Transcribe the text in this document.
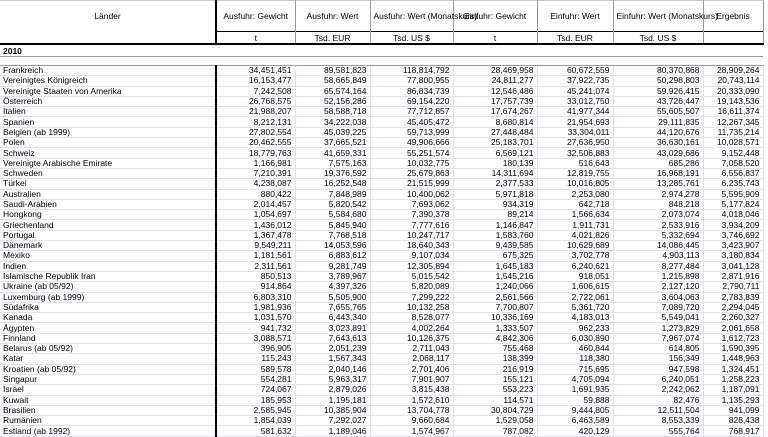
Länder	Ausfuhr: Gewicht	Ausfuhr: Wert	Ausfuhr: Wert (Monatskurs)	Einfuhr: Gewicht	Einfuhr: Wert	Einfuhr: Wert (Monatskurs)	Ergebnis
	t	Tsd. EUR	Tsd. US $	t	Tsd. EUR	Tsd. US $	
2010							

Frankreich	34,451,451	89,581,823	118,814,792	28,469,958	60,672,559	80,370,868	28,909,264
Vereinigtes Königreich	16,153,477	58,665,849	77,800,955	24,811,277	37,922,735	50,298,803	20,743,114
Vereinigte Staaten von Amerika	7,242,508	65,574,164	86,834,739	12,546,486	45,241,074	59,926,415	20,333,090
Österreich	26,768,575	52,156,286	69,154,220	17,757,739	33,012,750	43,726,447	19,143,536
Italien	21,988,207	58,588,718	77,712,857	17,674,267	41,977,344	55,605,507	16,611,374
Spanien	8,212,131	34,222,038	45,405,472	8,680,814	21,954,693	29,111,835	12,267,345
Belgien (ab 1999)	27,802,554	45,039,225	59,713,999	27,448,484	33,304,011	44,120,676	11,735,214
Polen	20,462,555	37,665,521	49,906,666	25,183,701	27,636,950	36,630,161	10,028,571
Schweiz	18,779,763	41,659,331	55,251,574	6,569,121	32,506,883	43,029,686	9,152,448
Vereinigte Arabische Emirate	1,166,981	7,575,163	10,032,775	180,139	516,643	685,286	7,058,520
Schweden	7,210,391	19,376,592	25,679,863	14,311,694	12,819,755	16,968,191	6,556,837
Türkei	4,238,087	16,252,548	21,515,999	2,377,533	10,016,805	13,285,761	6,235,743
Australien	880,422	7,848,989	10,400,062	5,971,818	2,253,080	2,974,278	5,595,909
Saudi-Arabien	2,014,457	5,820,542	7,693,062	934,319	642,718	848,218	5,177,824
Hongkong	1,054,697	5,584,680	7,390,378	89,214	1,566,634	2,073,074	4,018,046
Griechenland	1,436,012	5,845,940	7,777,616	1,146,847	1,911,731	2,533,916	3,934,209
Portugal	1,367,478	7,768,518	10,247,717	1,583,760	4,021,826	5,332,694	3,746,692
Dänemark	9,549,211	14,053,596	18,640,343	9,439,585	10,629,689	14,086,445	3,423,907
Mexiko	1,181,561	6,883,612	9,107,034	675,325	3,702,778	4,903,113	3,180,834
Indien	2,311,561	9,281,749	12,305,894	1,645,183	6,240,621	8,277,484	3,041,128
Islamische Republik Iran	850,513	3,789,967	5,015,542	1,545,216	918,051	1,215,898	2,871,916
Ukraine (ab 05/92)	914,864	4,397,326	5,820,089	1,240,066	1,606,615	2,127,120	2,790,711
Luxemburg (ab 1999)	6,803,310	5,505,900	7,299,222	2,561,566	2,722,061	3,604,063	2,783,839
Südafrika	1,981,936	7,655,765	10,132,258	7,700,807	5,361,720	7,089,720	2,294,045
Kanada	1,031,570	6,443,340	8,528,077	10,336,169	4,183,013	5,549,041	2,260,327
Ägypten	941,732	3,023,891	4,002,264	1,333,507	962,233	1,273,829	2,061,658
Finnland	3,088,571	7,643,613	10,126,375	4,842,306	6,030,890	7,967,074	1,612,723
Belarus (ab 05/92)	396,905	2,051,239	2,711,043	755,468	460,844	614,805	1,590,395
Katar	115,243	1,567,343	2,068,117	138,399	118,380	156,349	1,448,963
Kroatien (ab 05/92)	589,578	2,040,146	2,701,406	216,919	715,695	947,598	1,324,451
Singapur	554,281	5,963,317	7,901,907	155,121	4,705,094	6,240,051	1,258,223
Israel	724,067	2,879,026	3,815,438	553,223	1,691,935	2,242,062	1,187,091
Kuwait	185,953	1,195,181	1,572,610	114,571	59,888	82,476	1,135,293
Brasilien	2,585,945	10,385,904	13,704,778	30,804,729	9,444,805	12,511,504	941,099
Rumänien	1,854,039	7,292,027	9,660,684	1,529,058	6,463,589	8,553,339	828,438
Estland (ab 1992)	581,632	1,189,046	1,574,967	787,082	420,129	555,764	768,917
